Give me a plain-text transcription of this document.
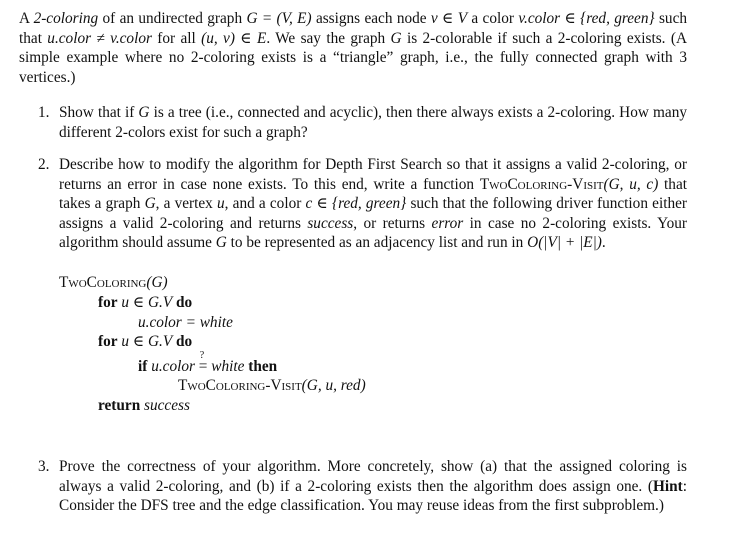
A 2-coloring of an undirected graph G = (V, E) assigns each node v ∈ V a color v.color ∈ {red, green} such that u.color ≠ v.color for all (u, v) ∈ E. We say the graph G is 2-colorable if such a 2-coloring exists. (A simple example where no 2-coloring exists is a “triangle” graph, i.e., the fully connected graph with 3 vertices.)

1. Show that if G is a tree (i.e., connected and acyclic), then there always exists a 2-coloring. How many different 2-colors exist for such a graph?
2. Describe how to modify the algorithm for Depth First Search so that it assigns a valid 2-coloring, or returns an error in case none exists. To this end, write a function TwoColoring-Visit(G, u, c) that takes a graph G, a vertex u, and a color c ∈ {red, green} such that the following driver function either assigns a valid 2-coloring and returns success, or returns error in case no 2-coloring exists. Your algorithm should assume G to be represented as an adjacency list and run in O(|V| + |E|).
TwoColoring(G)
for u ∈ G.V do
u.color = white
for u ∈ G.V do
if u.color
?
= white then
TwoColoring-Visit(G, u, red)
return success
3. Prove the correctness of your algorithm. More concretely, show (a) that the assigned coloring is always a valid 2-coloring, and (b) if a 2-coloring exists then the algorithm does assign one. (Hint: Consider the DFS tree and the edge classification. You may reuse ideas from the first subproblem.)
